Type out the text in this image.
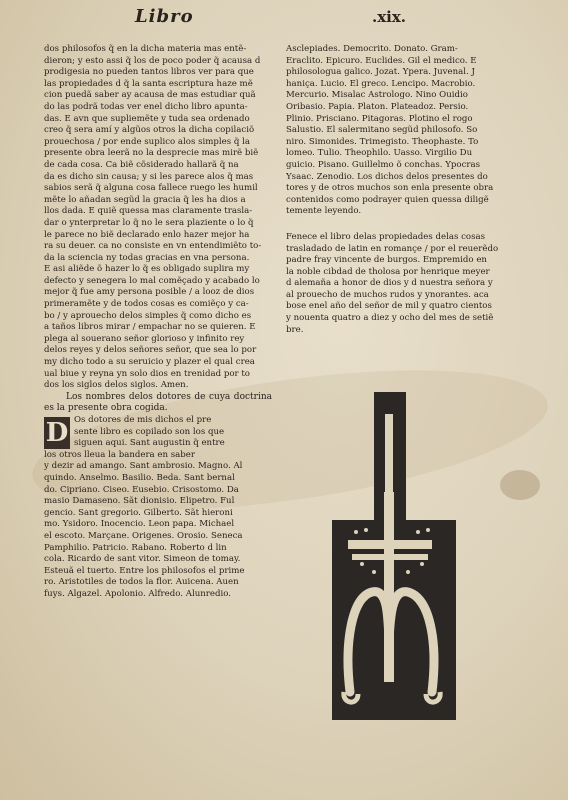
Libro	.xix.
dos philosofos q̃ en la dicha materia mas entẽ-
dieron; y esto assi q̃ los de poco poder q̃ acausa d̃
prodigesia no pueden tantos libros ver para que
las propiedades d̃ q̃ la santa escriptura haze mẽ
cion puedã saber ay acausa de mas estudiar quã
do las podrã todas ver enel dicho libro apunta-
das. E avn que supliemẽte y tuda sea ordenado
creo q̃ sera amí y algũos otros la dicha copilaciõ
prouechosa / por ende suplico alos simples q̃ la
presente obra leerã no la desprecie mas mirẽ biẽ
de cada cosa. Ca biẽ cõsiderado hallarã q̃ na
da es dicho sin causa; y si les parece alos q̃ mas
sabios serã q̃ alguna cosa fallece ruego les humil
mẽte lo añadan segũd la gracia q̃ les ha dios a
llos dada. E quiẽ quessa mas claramente trasla-
dar o ynterpretar lo q̃ no le sera plaziente o lo q̃
le parece no biẽ declarado enlo hazer mejor ha
ra su deuer. ca no consiste en vn entendimiẽto to-
da la sciencia ny todas gracias en vna persona.
E asi aliẽde õ hazer lo q̃ es obligado suplira my
defecto y senegera lo mal comẽçado y acabado lo
mejor q̃ fue amy persona posible / a looz de dios
primeramẽte y de todos cosas es comiẽço y ca-
bo / y aprouecho delos simples q̃ como dicho es
a taños libros mirar / empachar no se quieren. E
plega al souerano señor glorioso y infinito rey
delos reyes y delos señores señor, que sea lo por
my dicho todo a su seruicio y plazer el qual crea
ual biue y reyna yn solo dios en trenidad por to
dos los siglos delos siglos. Amen.

Los nombres delos dotores de cuya doctrina es la presente obra cogida.

D Os dotores de mis dichos el pre
sente libro es copilado son los que
siguen aqui. Sant augustin q̃ entre
los otros lleua la bandera en saber
y dezir ad amango. Sant ambrosio. Magno. Al
quindo. Anselmo. Basilio. Beda. Sant bernal
do. Cipriano. Ciseo. Eusebio. Crisostomo. Da
masio Damaseno. Sãt dionisio. Elipetro. Ful
gencio. Sant gregorio. Gilberto. Sãt hieroni
mo. Ysidoro. Inocencio. Leon papa. Michael
el escoto. Marçane. Origenes. Orosio. Seneca
Pamphilio. Patricio. Rabano. Roberto d̃ lin
cola. Ricardo de sant vitor. Simeon de tomay.
Esteuã el tuerto. Entre los philosofos el prime
ro. Aristotiles de todos la flor. Auicena. Auen
fuys. Algazel. Apolonio. Alfredo. Alunredio.
Asclepiades. Democrito. Donato. Gram-
Eraclito. Epicuro. Euclides. Gil el medico. E
philosologua galico. Jozat. Ypera. Juvenal. J
haniça. Lucio. El greco. Lencipo. Macrobio.
Mercurio. Misalac Astrologo. Nino Ouidio
Oribasio. Papia. Platon. Plateadoz. Persio.
Plinio. Prisciano. Pitagoras. Plotino el rogo
Salustio. El salermitano segũd philosofo. So
niro. Simonides. Trimegisto. Theophaste. To
lomeo. Tulio. Theophilo. Uasso. Virgilio Du
guicio. Pisano. Guillelmo õ conchas. Ypocras
Ysaac. Zenodio. Los dichos delos presentes do
tores y de otros muchos son enla presente obra
contenidos como podrayer quien quessa diligẽ
temente leyendo.
Fenece el libro delas propiedades delas cosas
trasladado de latin en romançe / por el reuerẽdo
padre fray vincente de burgos. Empremido en
la noble cibdad de tholosa por henrique meyer
d̃ alemaña a honor de dios y d̃ nuestra señora y
al prouecho de muchos rudos y ynorantes. aca
bose enel año del señor de mil y quatro cientos
y nouenta quatro a diez y ocho del mes de setiẽ
bre.
